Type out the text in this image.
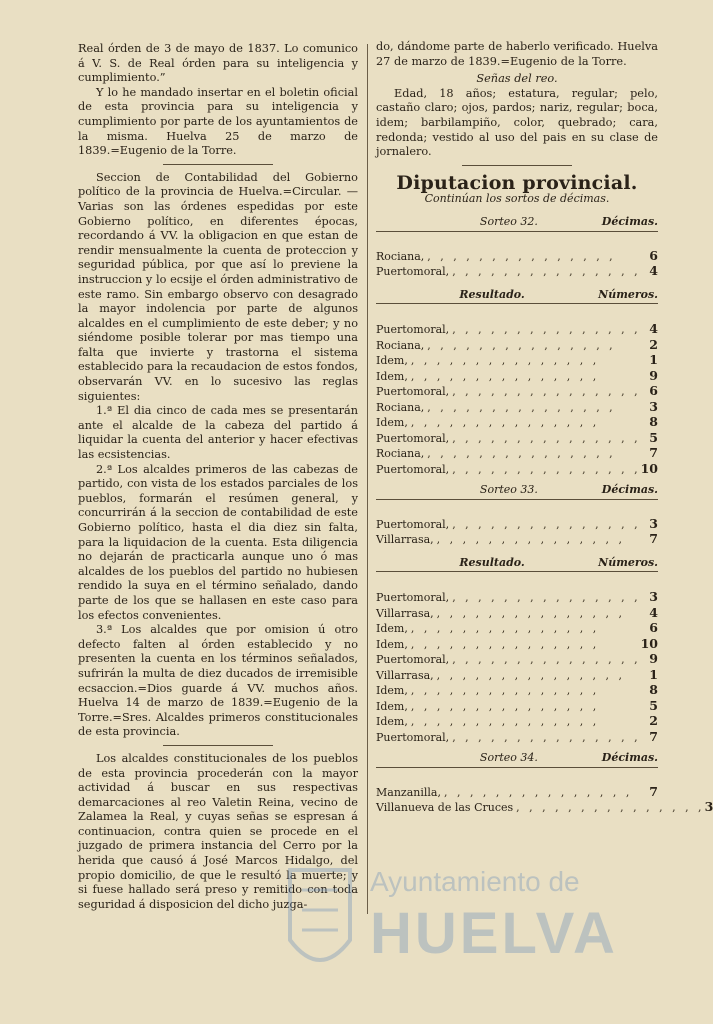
Real órden de 3 de mayo de 1837. Lo comunico á V. S. de Real órden para su inteligencia y cumplimiento.”

Y lo he mandado insertar en el boletin oficial de esta provincia para su inteligencia y cumplimiento por parte de los ayuntamientos de la misma. Huelva 25 de marzo de 1839.=Eugenio de la Torre.

Seccion de Contabilidad del Gobierno político de la provincia de Huelva.=Circular. —Varias son las órdenes espedidas por este Gobierno político, en diferentes épocas, recordando á VV. la obligacion en que estan de rendir mensualmente la cuenta de proteccion y seguridad pública, por que así lo previene la instruccion y lo ecsije el órden administrativo de este ramo. Sin embargo observo con desagrado la mayor indolencia por parte de algunos alcaldes en el cumplimiento de este deber; y no siéndome posible tolerar por mas tiempo una falta que invierte y trastorna el sistema establecido para la recaudacion de estos fondos, observarán VV. en lo sucesivo las reglas siguientes:

1.ª El dia cinco de cada mes se presentarán ante el alcalde de la cabeza del partido á liquidar la cuenta del anterior y hacer efectivas las ecsistencias.

2.ª Los alcaldes primeros de las cabezas de partido, con vista de los estados parciales de los pueblos, formarán el resúmen general, y concurrirán á la seccion de contabilidad de este Gobierno político, hasta el dia diez sin falta, para la liquidacion de la cuenta. Esta diligencia no dejarán de practicarla aunque uno ó mas alcaldes de los pueblos del partido no hubiesen rendido la suya en el término señalado, dando parte de los que se hallasen en este caso para los efectos convenientes.

3.ª Los alcaldes que por omision ú otro defecto falten al órden establecido y no presenten la cuenta en los términos señalados, sufrirán la multa de diez ducados de irremisible ecsaccion.=Dios guarde á VV. muchos años. Huelva 14 de marzo de 1839.=Eugenio de la Torre.=Sres. Alcaldes primeros constitucionales de esta provincia.

Los alcaldes constitucionales de los pueblos de esta provincia procederán con la mayor actividad á buscar en sus respectivas demarcaciones al reo Valetin Reina, vecino de Zalamea la Real, y cuyas señas se espresan á continuacion, contra quien se procede en el juzgado de primera instancia del Cerro por la herida que causó á José Marcos Hidalgo, del propio domicilio, de que le resultó la muerte; y si fuese hallado será preso y remitido con toda seguridad á disposicion del dicho juzga-

do, dándome parte de haberlo verificado. Huelva 27 de marzo de 1839.=Eugenio de la Torre.

Señas del reo.

Edad, 18 años; estatura, regular; pelo, castaño claro; ojos, pardos; nariz, regular; boca, idem; barbilampiño, color, quebrado; cara, redonda; vestido al uso del pais en su clase de jornalero.

Diputacion provincial.
Continúan los sortos de décimas.
Sorteo 32.	Décimas.
Rociana, , , , , , , , , , , , , , , ,	6
Puertomoral, , , , , , , , , , , , , , , , 4
Resultado.	Números.
Puertomoral, , , , , , , , , , , , , , , , 4
Rociana, , , , , , , , , , , , , , , ,	2
Idem, , , , , , , , , , , , , , , ,	1
Idem, , , , , , , , , , , , , , , ,	9
Puertomoral, , , , , , , , , , , , , , , , 6
Rociana, , , , , , , , , , , , , , , ,	3
Idem, , , , , , , , , , , , , , , ,	8
Puertomoral, , , , , , , , , , , , , , , , 5
Rociana, , , , , , , , , , , , , , , ,	7
Puertomoral, , , , , , , , , , , , , , , , 10
Sorteo 33.	Décimas.
Puertomoral, , , , , , , , , , , , , , , , 3
Villarrasa, , , , , , , , , , , , , , , ,	7
Resultado.	Números.
Puertomoral, , , , , , , , , , , , , , , , 3
Villarrasa, , , , , , , , , , , , , , , ,	4
Idem, , , , , , , , , , , , , , , ,	6
Idem, , , , , , , , , , , , , , , ,	10
Puertomoral, , , , , , , , , , , , , , , , 9
Villarrasa, , , , , , , , , , , , , , , ,	1
Idem, , , , , , , , , , , , , , , ,	8
Idem, , , , , , , , , , , , , , , ,	5
Idem, , , , , , , , , , , , , , , ,	2
Puertomoral, , , , , , , , , , , , , , , , 7
Sorteo 34.	Décimas.
Manzanilla, , , , , , , , , , , , , , , ,	7
Villanueva de las Cruces , , , , , , , , , , , , , , , 3
Ayuntamiento de
HUELVA
